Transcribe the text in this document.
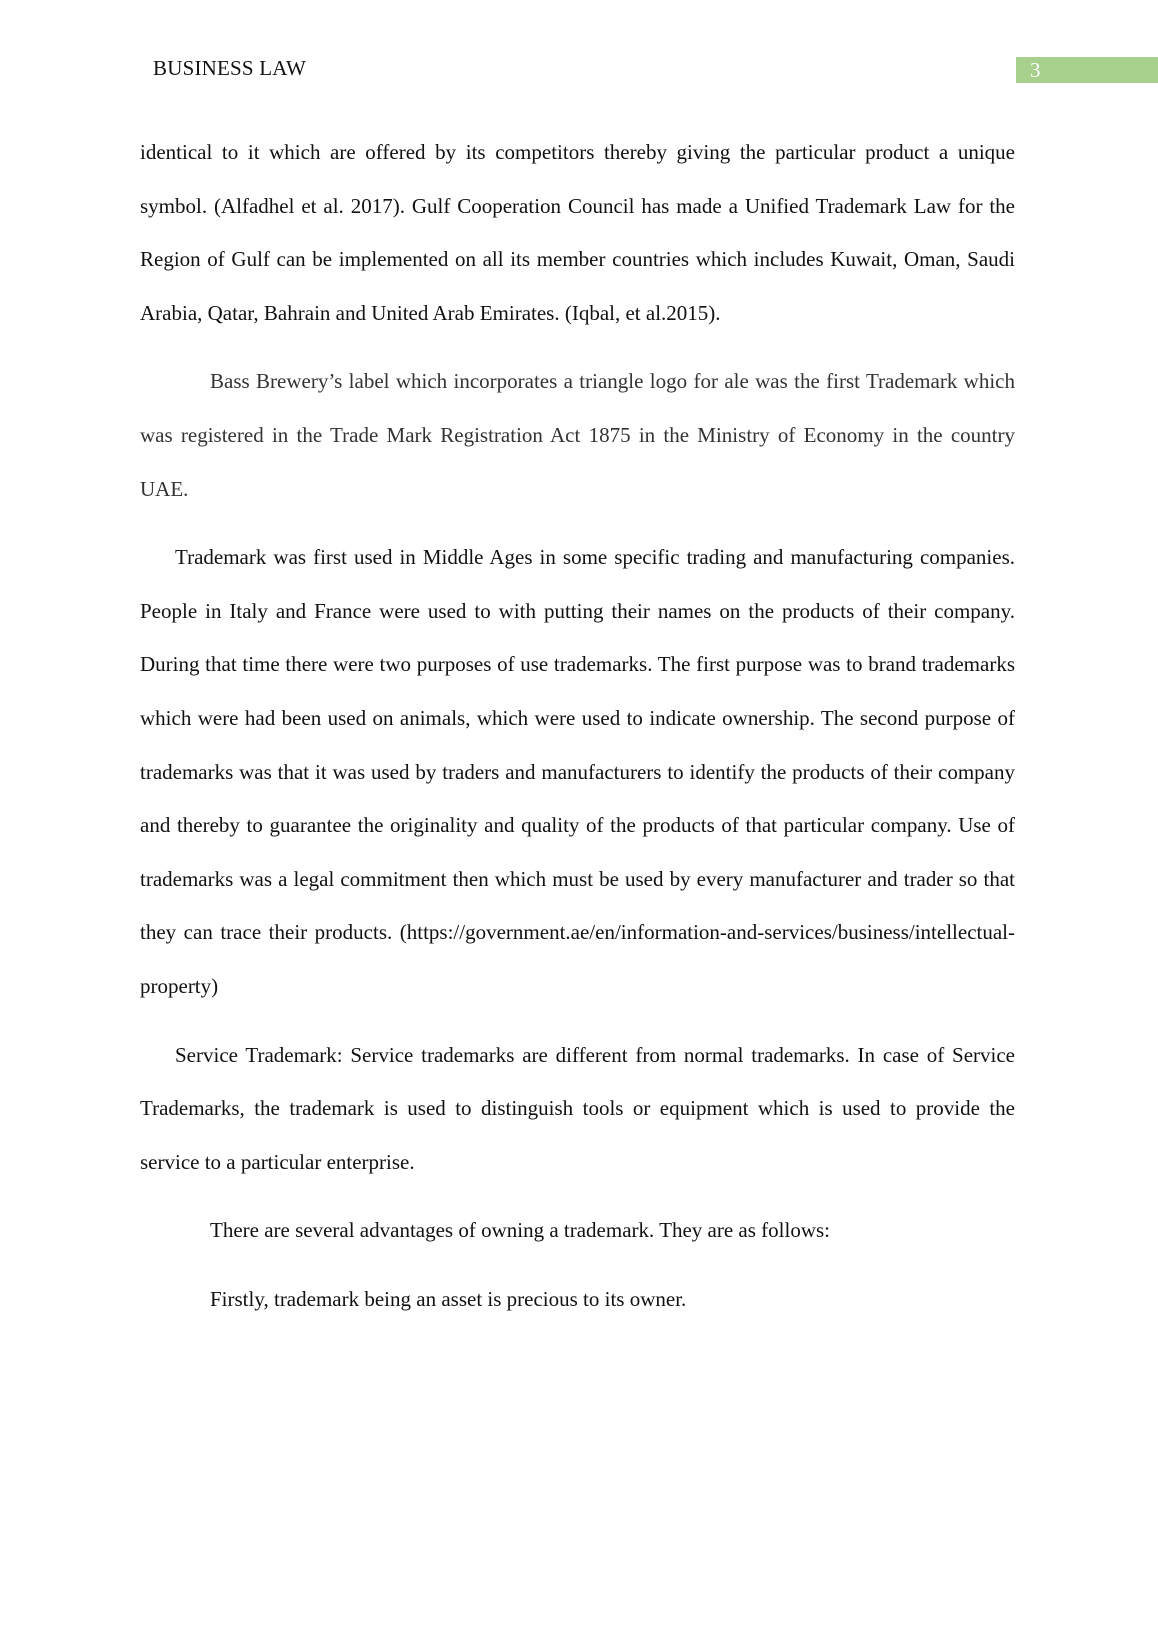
BUSINESS LAW	3

identical to it which are offered by its competitors thereby giving the particular product a unique symbol. (Alfadhel et al. 2017). Gulf Cooperation Council has made a Unified Trademark Law for the Region of Gulf can be implemented on all its member countries which includes Kuwait, Oman, Saudi Arabia, Qatar, Bahrain and United Arab Emirates. (Iqbal, et al.2015).

Bass Brewery’s label which incorporates a triangle logo for ale was the first Trademark which was registered in the Trade Mark Registration Act 1875 in the Ministry of Economy in the country UAE.

Trademark was first used in Middle Ages in some specific trading and manufacturing companies. People in Italy and France were used to with putting their names on the products of their company. During that time there were two purposes of use trademarks. The first purpose was to brand trademarks which were had been used on animals, which were used to indicate ownership. The second purpose of trademarks was that it was used by traders and manufacturers to identify the products of their company and thereby to guarantee the originality and quality of the products of that particular company. Use of trademarks was a legal commitment then which must be used by every manufacturer and trader so that they can trace their products. (https://government.ae/en/information-and-services/business/intellectual-property)

Service Trademark: Service trademarks are different from normal trademarks. In case of Service Trademarks, the trademark is used to distinguish tools or equipment which is used to provide the service to a particular enterprise.

There are several advantages of owning a trademark. They are as follows:

Firstly, trademark being an asset is precious to its owner.
